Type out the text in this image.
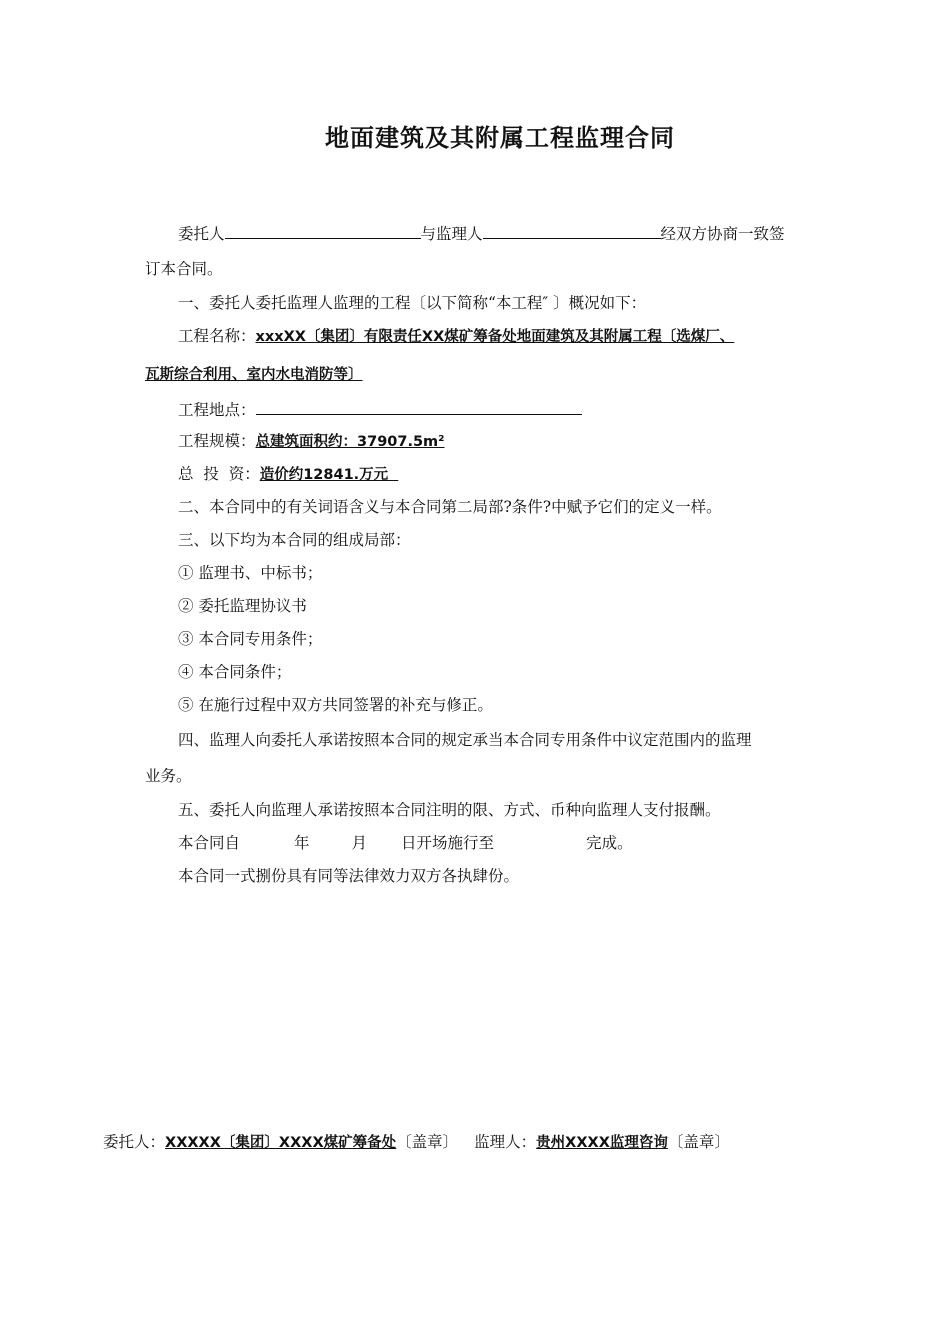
地面建筑及其附属工程监理合同
委托人	与监理人	经双方协商一致签
订本合同。
一、委托人委托监理人监理的工程〔以下简称“本工程″ 〕概况如下：
工程名称：xxxXX〔集团〕有限责任XX煤矿筹备处地面建筑及其附属工程〔选煤厂、
瓦斯综合利用、室内水电消防等〕
工程地点：
工程规模：总建筑面积约：37907.5m²
总  投  资：造价约12841.万元
二、本合同中的有关词语含义与本合同第二局部?条件?中赋予它们的定义一样。
三、以下均为本合同的组成局部：
① 监理书、中标书；
② 委托监理协议书
③ 本合同专用条件；
④ 本合同条件；
⑤ 在施行过程中双方共同签署的补充与修正。
四、监理人向委托人承诺按照本合同的规定承当本合同专用条件中议定范围内的监理
业务。
五、委托人向监理人承诺按照本合同注明的限、方式、币种向监理人支付报酬。
本合同自	年	月 日开场施行至	完成。
本合同一式捌份具有同等法律效力双方各执肆份。
委托人：XXXXX〔集团〕XXXX煤矿筹备处〔盖章〕 监理人：贵州XXXX监理咨询〔盖章〕
